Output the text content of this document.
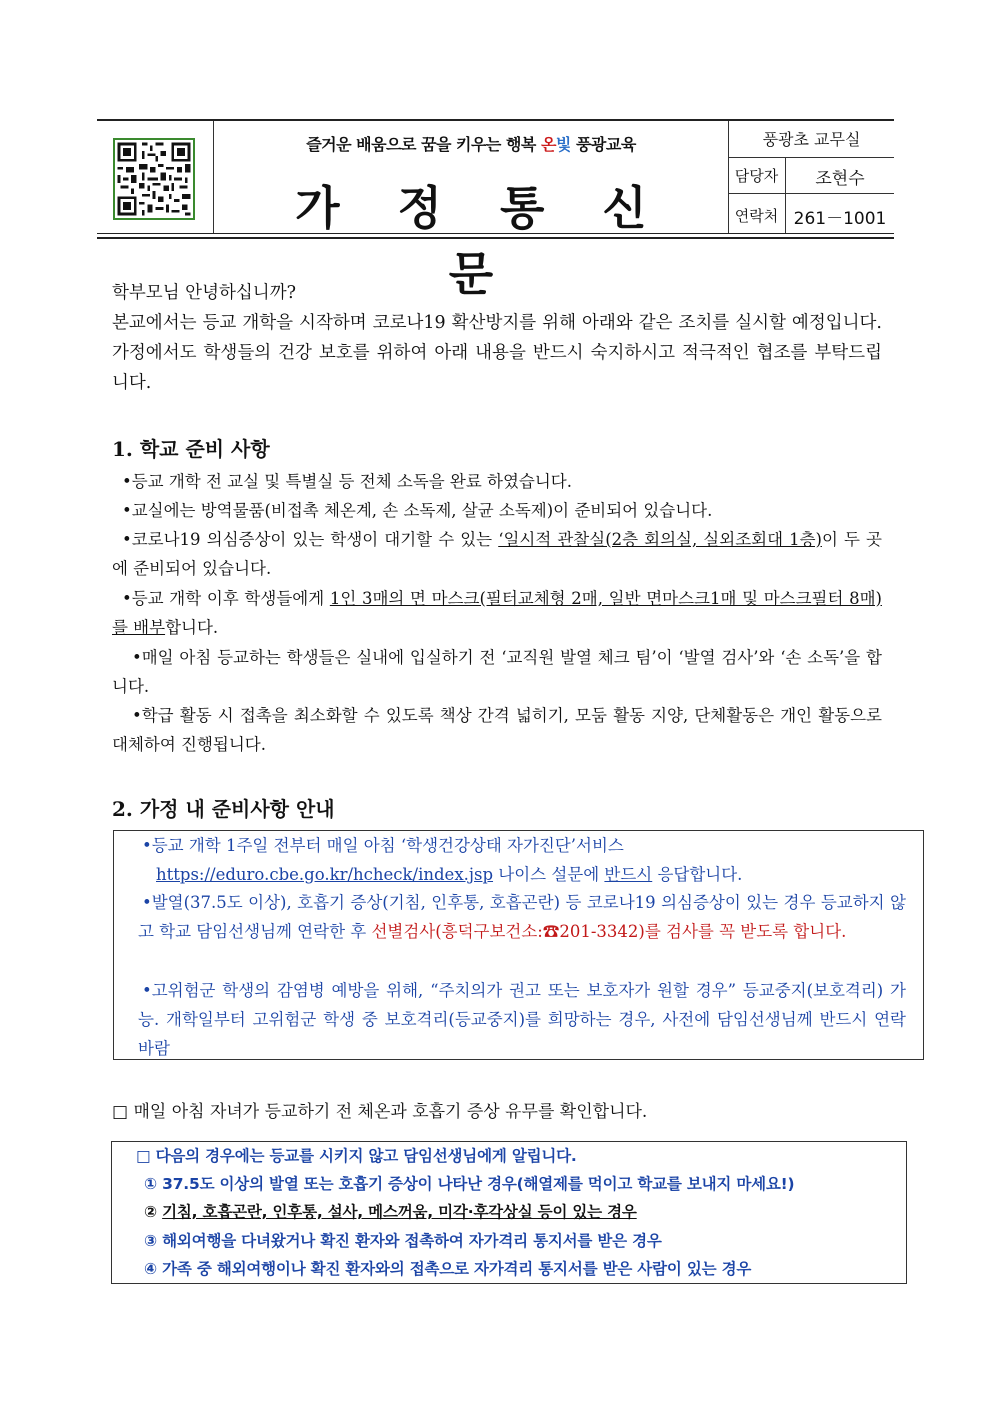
즐거운 배움으로 꿈을 키우는 행복 온빛 풍광교육
가정통신문
풍광초 교무실
담당자	조현수
연락처 261－1001
학부모님 안녕하십니까?
본교에서는 등교 개학을 시작하며 코로나19 확산방지를 위해 아래와 같은 조치를 실시할 예정입니다. 가정에서도 학생들의 건강 보호를 위하여 아래 내용을 반드시 숙지하시고 적극적인 협조를 부탁드립니다.
1. 학교 준비 사항
•등교 개학 전 교실 및 특별실 등 전체 소독을 완료 하였습니다.
•교실에는 방역물품(비접촉 체온계, 손 소독제, 살균 소독제)이 준비되어 있습니다.
•코로나19 의심증상이 있는 학생이 대기할 수 있는 ‘일시적 관찰실(2층 회의실, 실외조회대 1층)이 두 곳에 준비되어 있습니다.
•등교 개학 이후 학생들에게 1인 3매의 면 마스크(필터교체형 2매, 일반 면마스크1매 및 마스크필터 8매)를 배부합니다.
•매일 아침 등교하는 학생들은 실내에 입실하기 전 ‘교직원 발열 체크 팀’이 ‘발열 검사’와 ‘손 소독’을 합니다.
•학급 활동 시 접촉을 최소화할 수 있도록 책상 간격 넓히기, 모둠 활동 지양, 단체활동은 개인 활동으로 대체하여 진행됩니다.
2. 가정 내 준비사항 안내
•등교 개학 1주일 전부터 매일 아침 ‘학생건강상태 자가진단’서비스
https://eduro.cbe.go.kr/hcheck/index.jsp 나이스 설문에 반드시 응답합니다.
•발열(37.5도 이상), 호흡기 증상(기침, 인후통, 호흡곤란) 등 코로나19 의심증상이 있는 경우 등교하지 않고 학교 담임선생님께 연락한 후 선별검사(흥덕구보건소:☎201-3342)를 검사를 꼭 받도록 합니다.
•고위험군 학생의 감염병 예방을 위해, “주치의가 권고 또는 보호자가 원할 경우” 등교중지(보호격리) 가능. 개학일부터 고위험군 학생 중 보호격리(등교중지)를 희망하는 경우, 사전에 담임선생님께 반드시 연락 바람
□ 매일 아침 자녀가 등교하기 전 체온과 호흡기 증상 유무를 확인합니다.
□ 다음의 경우에는 등교를 시키지 않고 담임선생님에게 알립니다.
① 37.5도 이상의 발열 또는 호흡기 증상이 나타난 경우(해열제를 먹이고 학교를 보내지 마세요!)
② 기침, 호흡곤란, 인후통, 설사, 메스꺼움, 미각·후각상실 등이 있는 경우
③ 해외여행을 다녀왔거나 확진 환자와 접촉하여 자가격리 통지서를 받은 경우
④ 가족 중 해외여행이나 확진 환자와의 접촉으로 자가격리 통지서를 받은 사람이 있는 경우
